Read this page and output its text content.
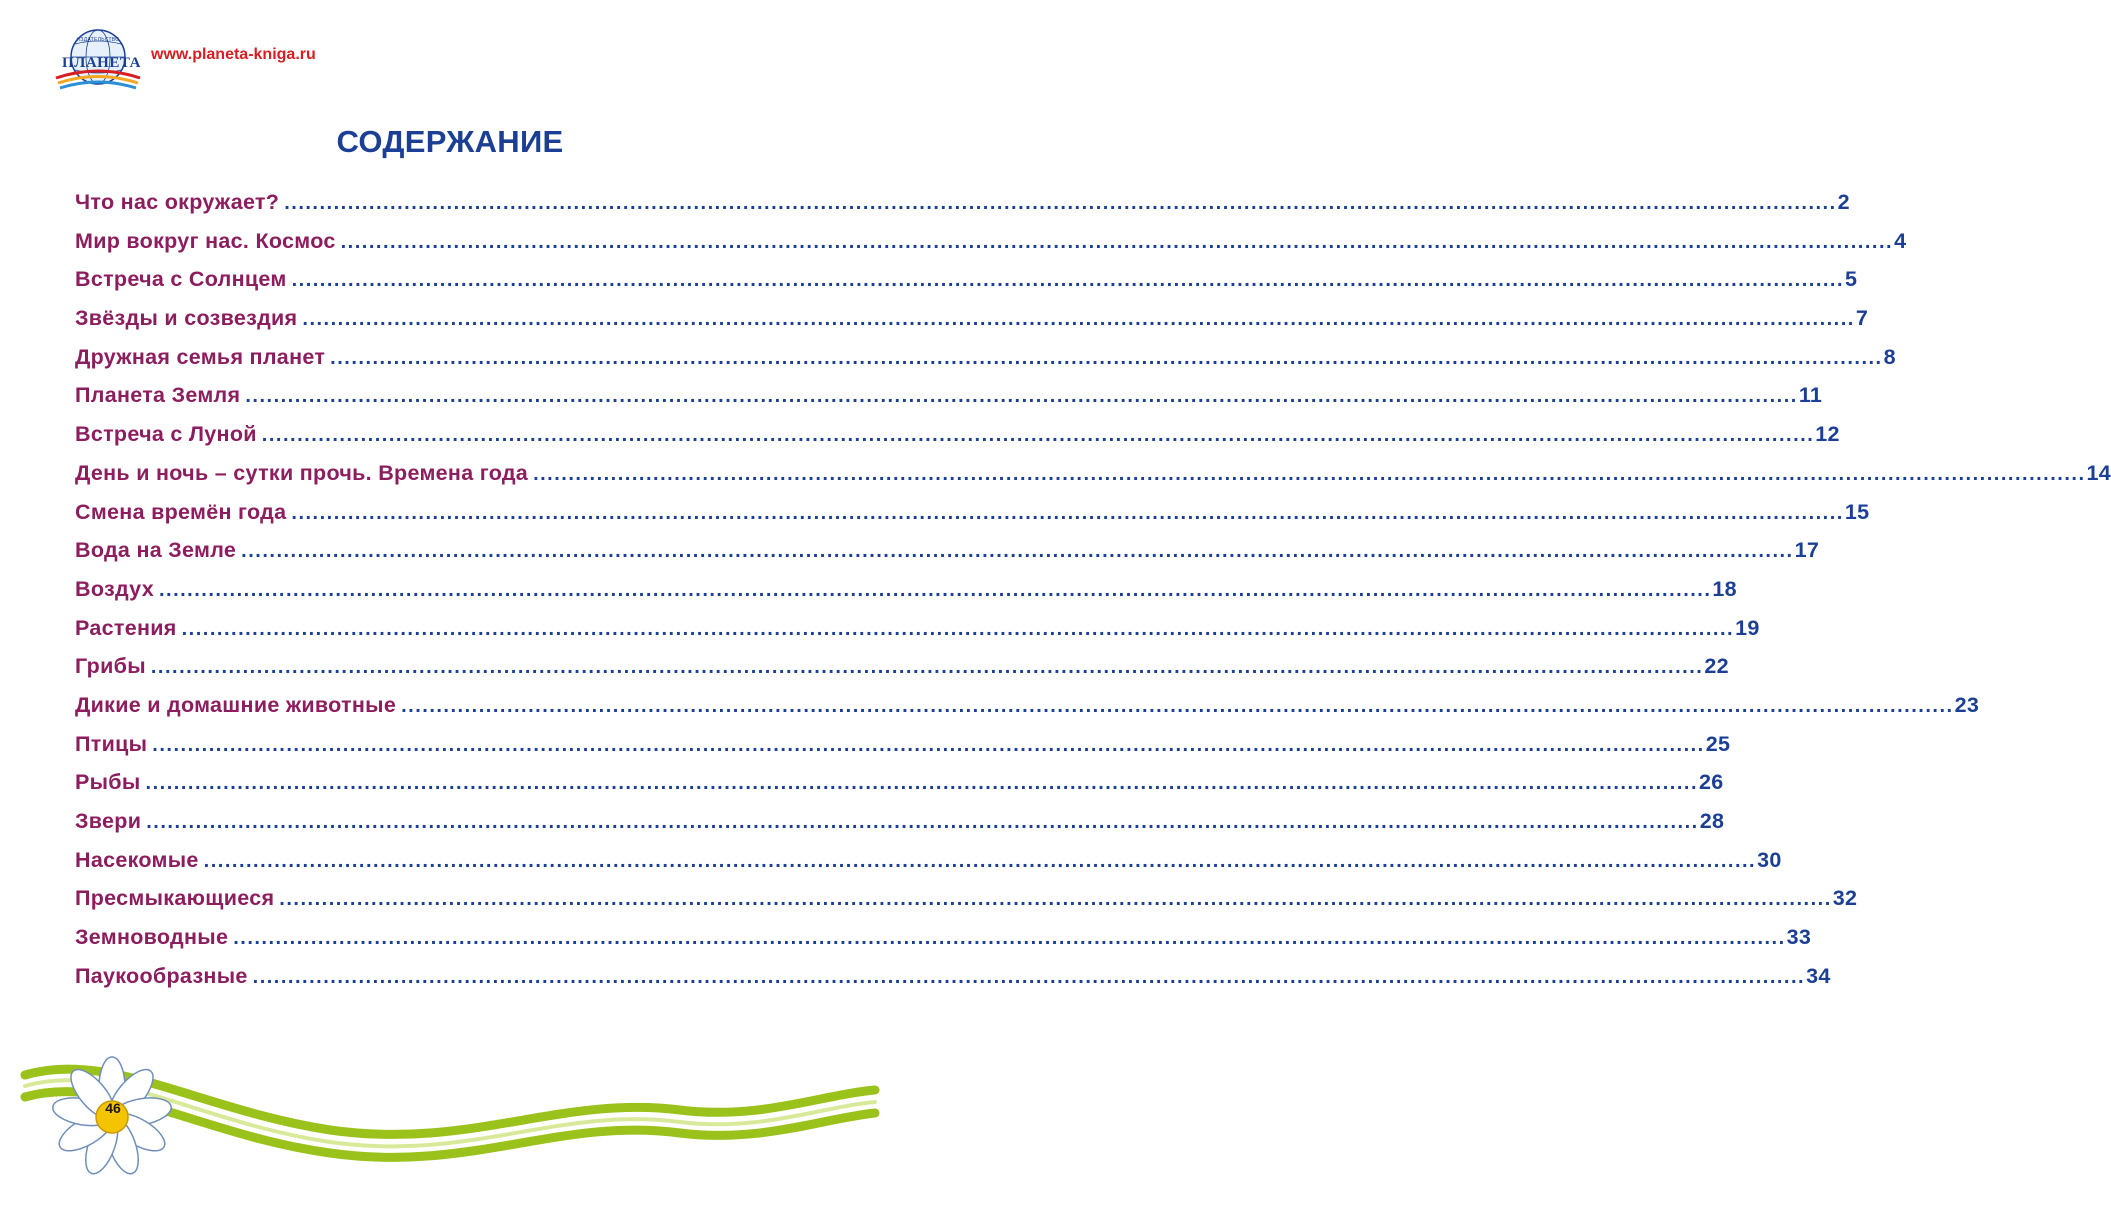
ИЗДАТЕЛЬСТВО
ПЛАНЕТА www.planeta-kniga.ru
СОДЕРЖАНИЕ
Что нас окружает? ............................................................................................................................................................................................................................ 2
Мир вокруг нас. Космос ............................................................................................................................................................................................................................ 4
Встреча с Солнцем ............................................................................................................................................................................................................................ 5
Звёзды и созвездия ............................................................................................................................................................................................................................ 7
Дружная семья планет ............................................................................................................................................................................................................................ 8
Планета Земля ............................................................................................................................................................................................................................ 11
Встреча с Луной ............................................................................................................................................................................................................................ 12
День и ночь – сутки прочь. Времена года ............................................................................................................................................................................................................................ 14
Смена времён года ............................................................................................................................................................................................................................ 15
Вода на Земле ............................................................................................................................................................................................................................ 17
Воздух ............................................................................................................................................................................................................................ 18
Растения ............................................................................................................................................................................................................................ 19
Грибы ............................................................................................................................................................................................................................ 22
Дикие и домашние животные ............................................................................................................................................................................................................................ 23
Птицы ............................................................................................................................................................................................................................ 25
Рыбы ............................................................................................................................................................................................................................ 26
Звери ............................................................................................................................................................................................................................ 28
Насекомые ............................................................................................................................................................................................................................ 30
Пресмыкающиеся ............................................................................................................................................................................................................................ 32
Земноводные ............................................................................................................................................................................................................................ 33
Паукообразные ............................................................................................................................................................................................................................ 34
46
